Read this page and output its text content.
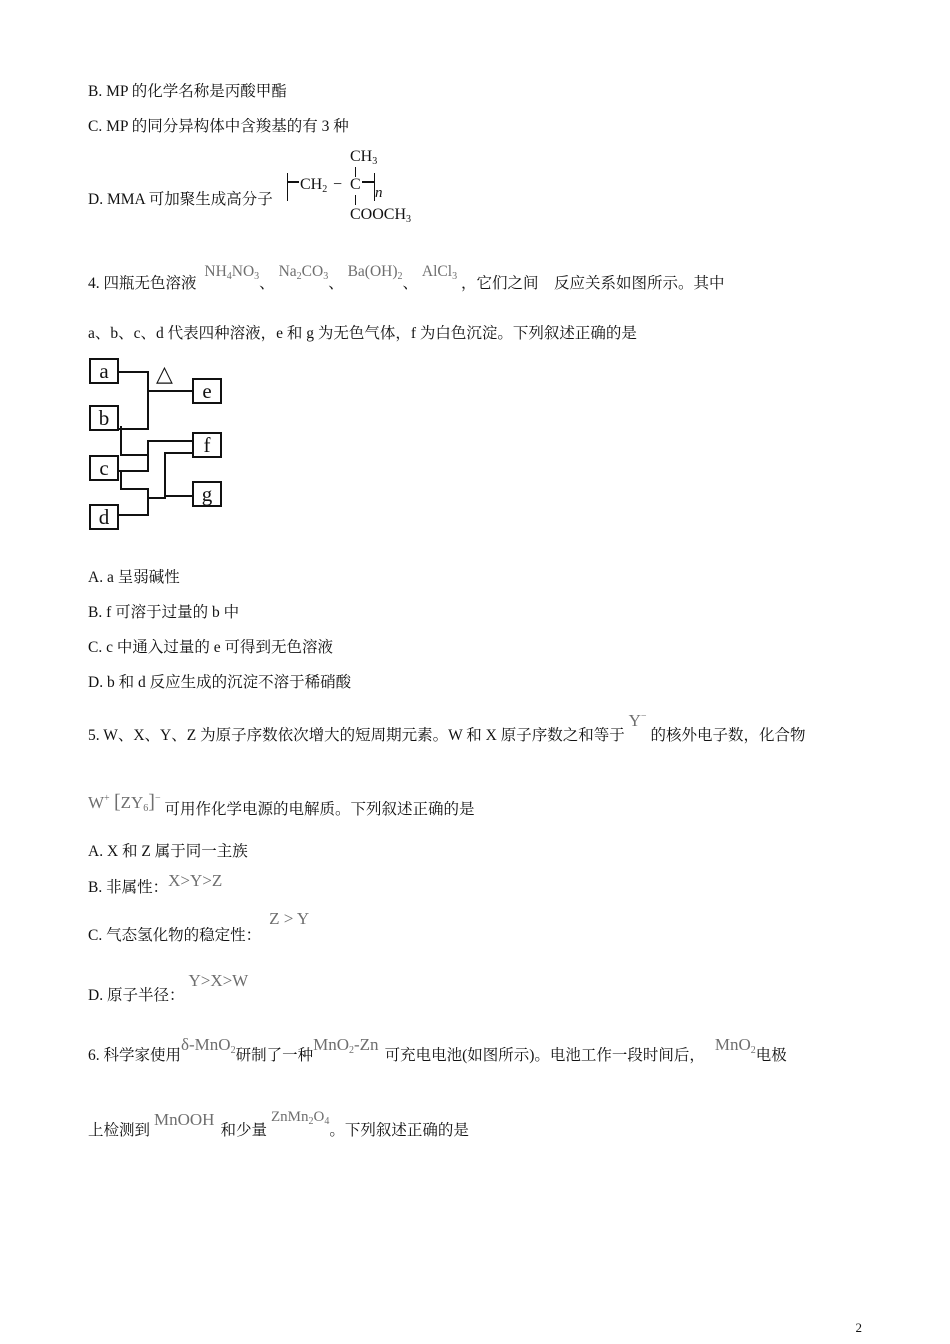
B. MP 的化学名称是丙酸甲酯
C. MP 的同分异构体中含羧基的有 3 种
D. MMA 可加聚生成高分子
$CH_3$
$CH_2 - C$ n
$COOCH_3$
4. 四瓶无色溶液 $NH_4NO_3$、 $Na_2CO_3$、 $Ba(OH)_2$、 AlCl$_3$ ，它们之间　反应关系如图所示。其中
a、b、c、d 代表四种溶液，e 和 g 为无色气体，f 为白色沉淀。下列叙述正确的是
a
b
c
d
e
f
g
△
A. a 呈弱碱性
B. f 可溶于过量的 b 中
C. c 中通入过量的 e 可得到无色溶液
D. b 和 d 反应生成的沉淀不溶于稀硝酸
5. W、X、Y、Z 为原子序数依次增大的短周期元素。W 和 X 原子序数之和等于 Y− 的核外电子数，化合物
W+ $[ZY_6]^-$ 可用作化学电源的电解质。下列叙述正确的是
A. X 和 Z 属于同一主族
B. 非属性：X>Y>Z
C. 气态氢化物的稳定性：Z > Y
D. 原子半径：Y>X>W
6. 科学家使用δ-MnO$_2$研制了一种MnO$_2$-Zn可充电电池(如图所示)。电池工作一段时间后，MnO$_2$电极
上检测到MnOOH和少量$ZnMn_2O_4$。下列叙述正确的是
2
